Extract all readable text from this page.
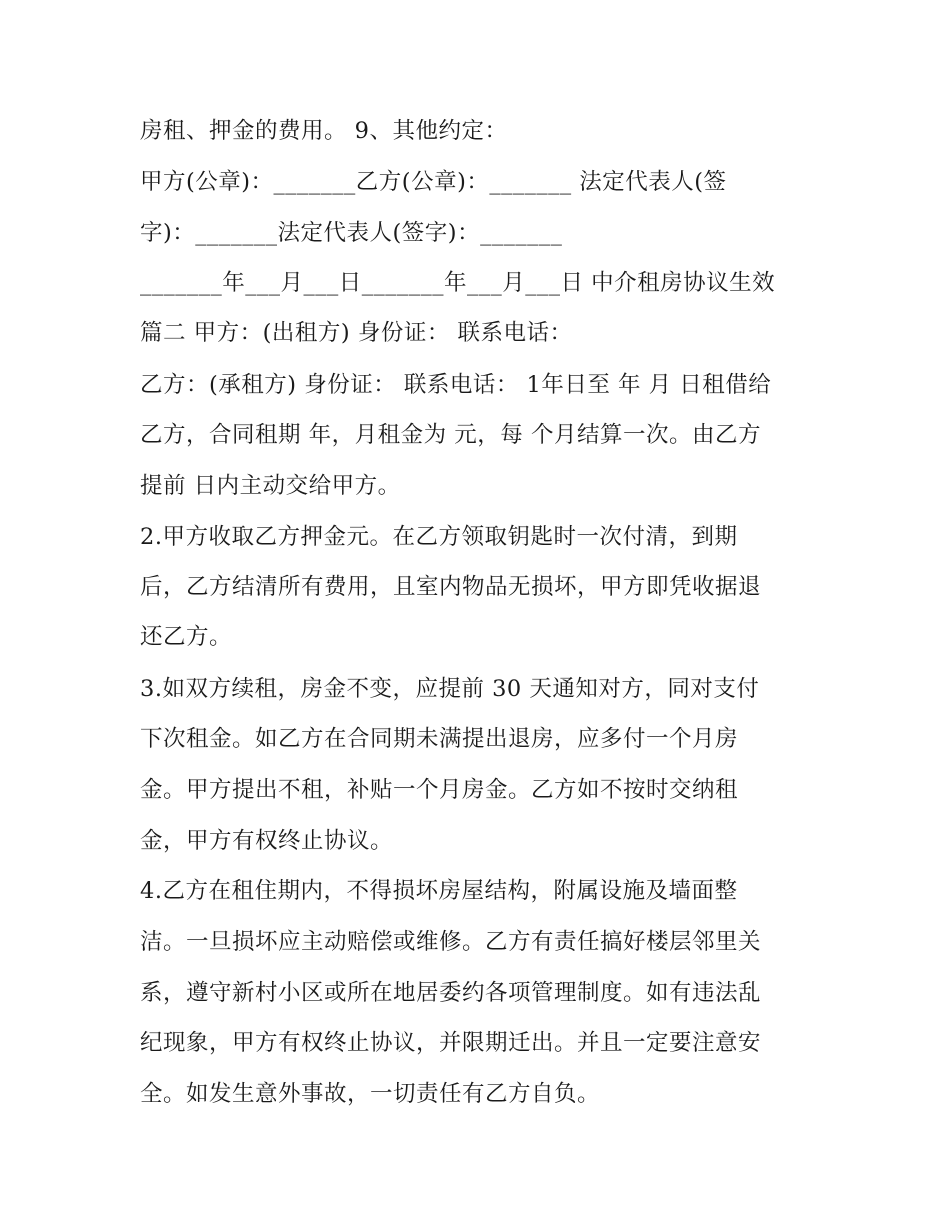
房租、押金的费用。 9、其他约定：
甲方(公章)：_______乙方(公章)：_______ 法定代表人(签
字)：_______法定代表人(签字)：_______
_______年___月___日_______年___月___日 中介租房协议生效
篇二 甲方：(出租方) 身份证： 联系电话：
乙方：(承租方) 身份证： 联系电话： 1年日至 年 月 日租借给
乙方，合同租期 年，月租金为 元，每 个月结算一次。由乙方
提前 日内主动交给甲方。
2.甲方收取乙方押金元。在乙方领取钥匙时一次付清，到期
后，乙方结清所有费用，且室内物品无损坏，甲方即凭收据退
还乙方。
3.如双方续租，房金不变，应提前 30 天通知对方，同对支付
下次租金。如乙方在合同期未满提出退房，应多付一个月房
金。甲方提出不租，补贴一个月房金。乙方如不按时交纳租
金，甲方有权终止协议。
4.乙方在租住期内，不得损坏房屋结构，附属设施及墙面整
洁。一旦损坏应主动赔偿或维修。乙方有责任搞好楼层邻里关
系，遵守新村小区或所在地居委约各项管理制度。如有违法乱
纪现象，甲方有权终止协议，并限期迁出。并且一定要注意安
全。如发生意外事故，一切责任有乙方自负。
